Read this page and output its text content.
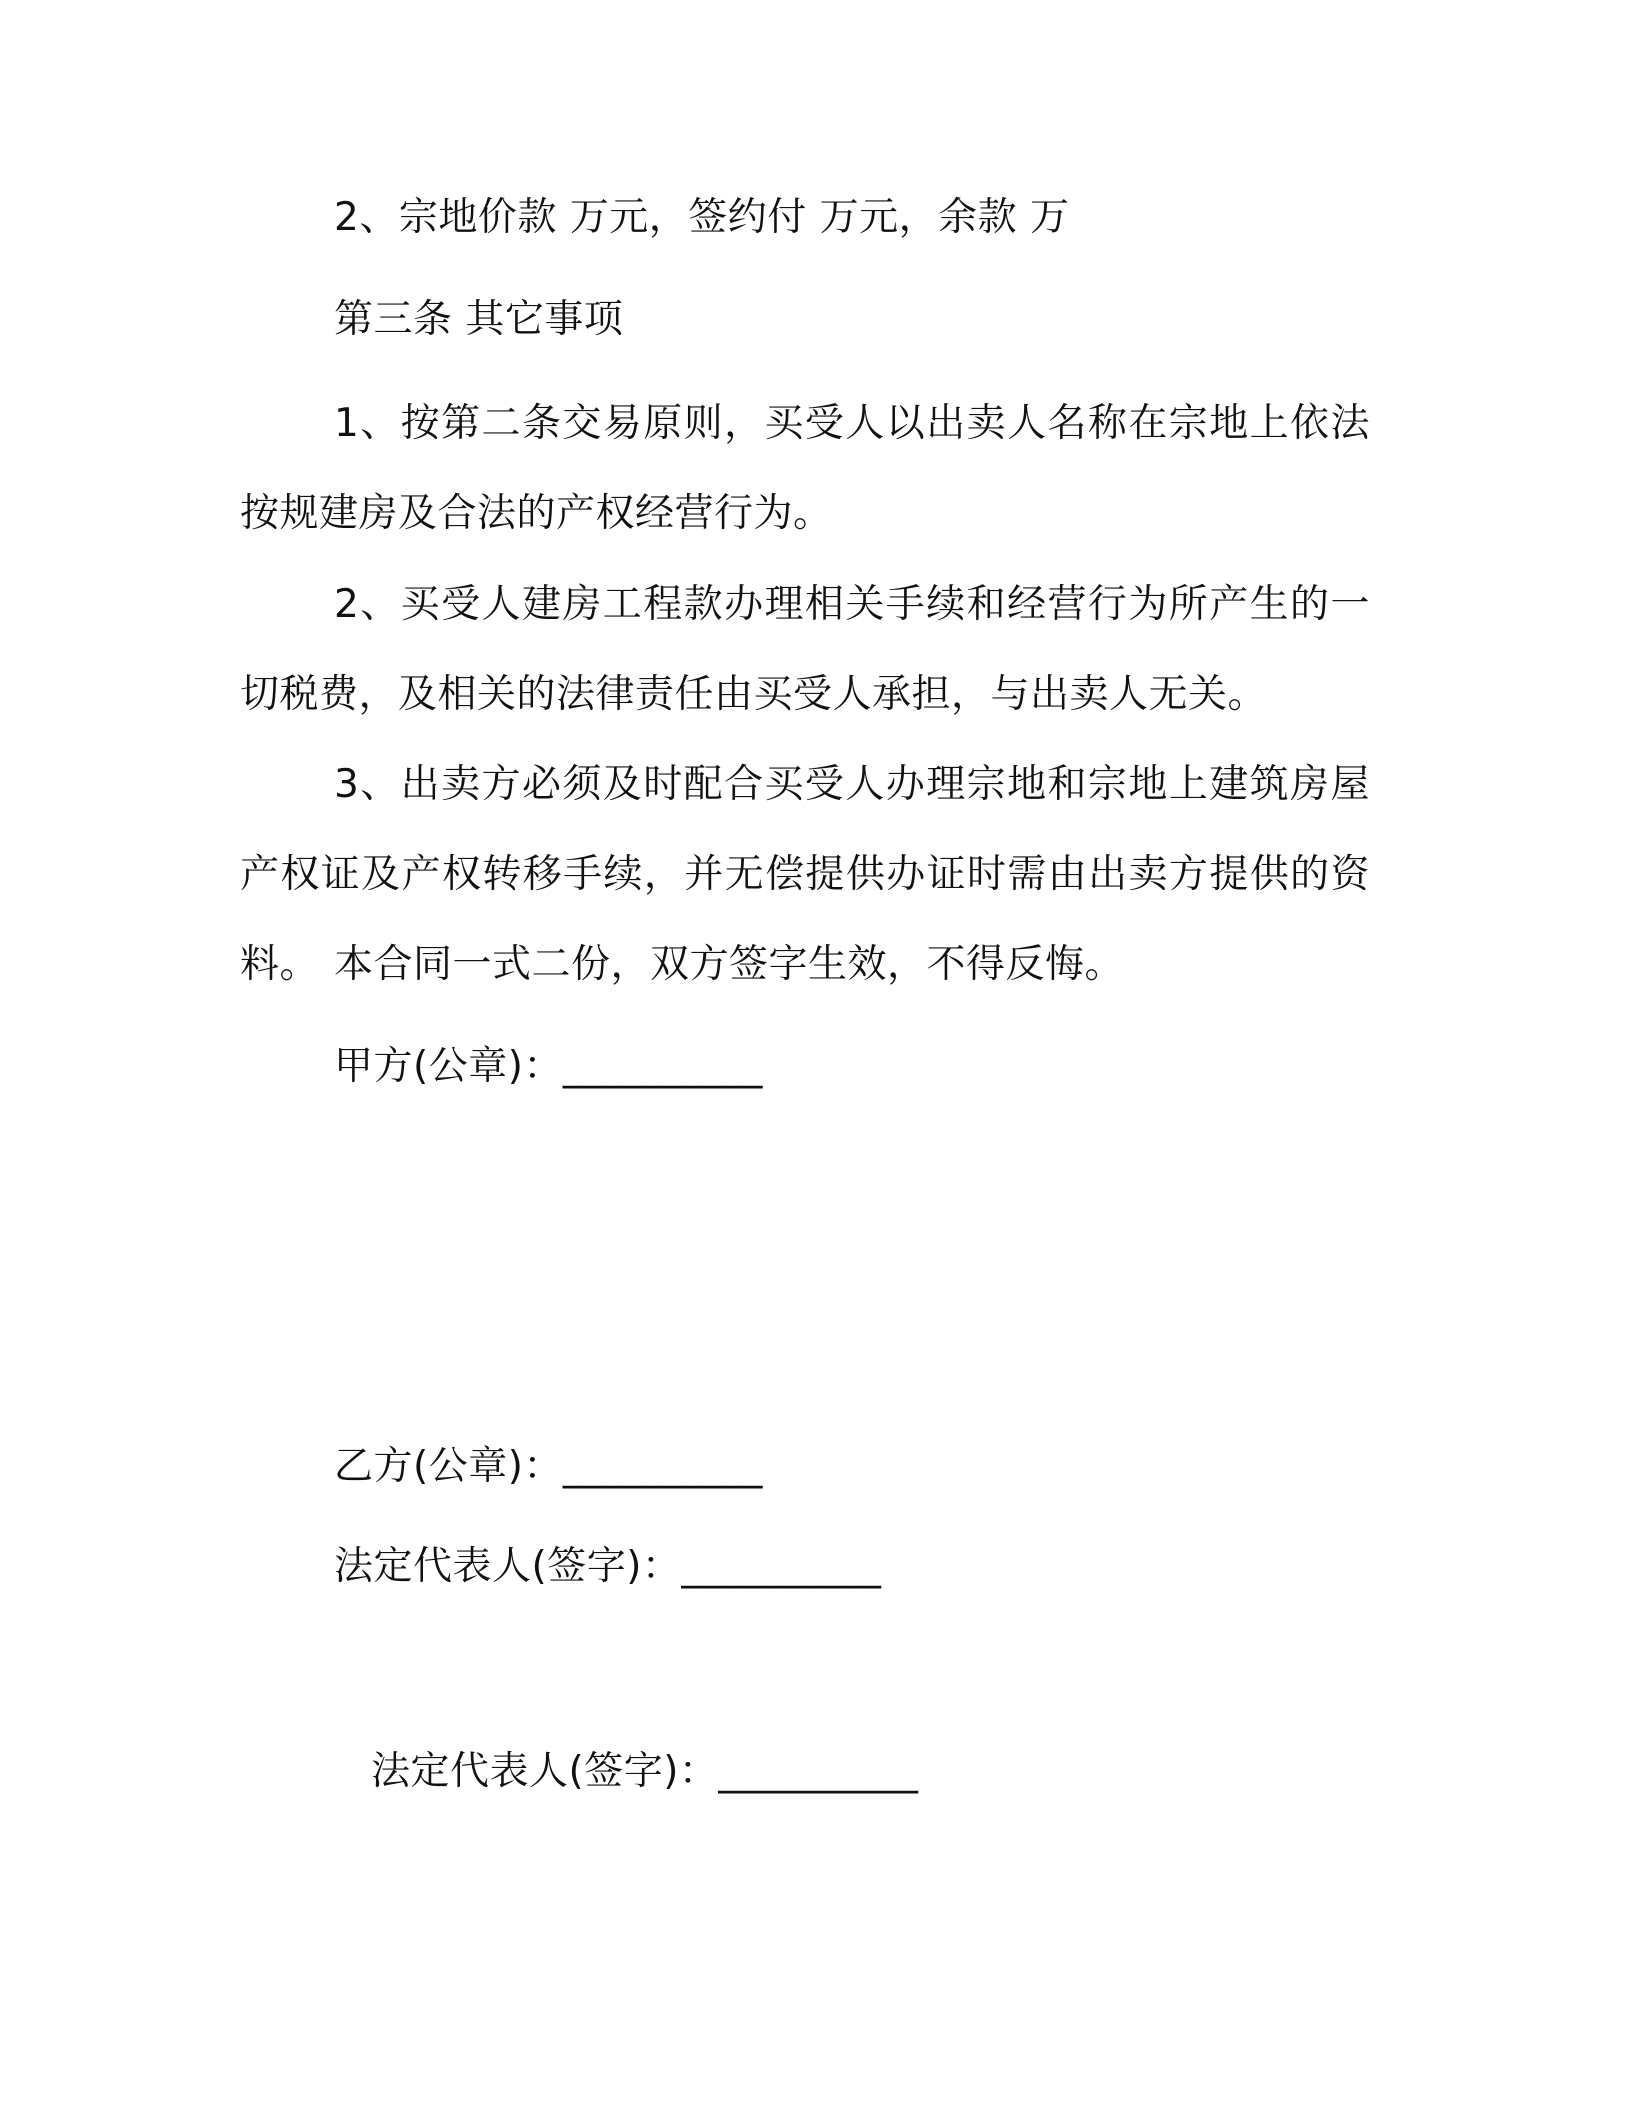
2、宗地价款 万元，签约付 万元，余款 万
第三条 其它事项
1、按第二条交易原则，买受人以出卖人名称在宗地上依法按规建房及合法的产权经营行为。
2、买受人建房工程款办理相关手续和经营行为所产生的一切税费，及相关的法律责任由买受人承担，与出卖人无关。
3、出卖方必须及时配合买受人办理宗地和宗地上建筑房屋产权证及产权转移手续，并无偿提供办证时需由出卖方提供的资料。 本合同一式二份，双方签字生效，不得反悔。
甲方(公章)：__________
乙方(公章)：__________
法定代表人(签字)：__________
法定代表人(签字)：__________
